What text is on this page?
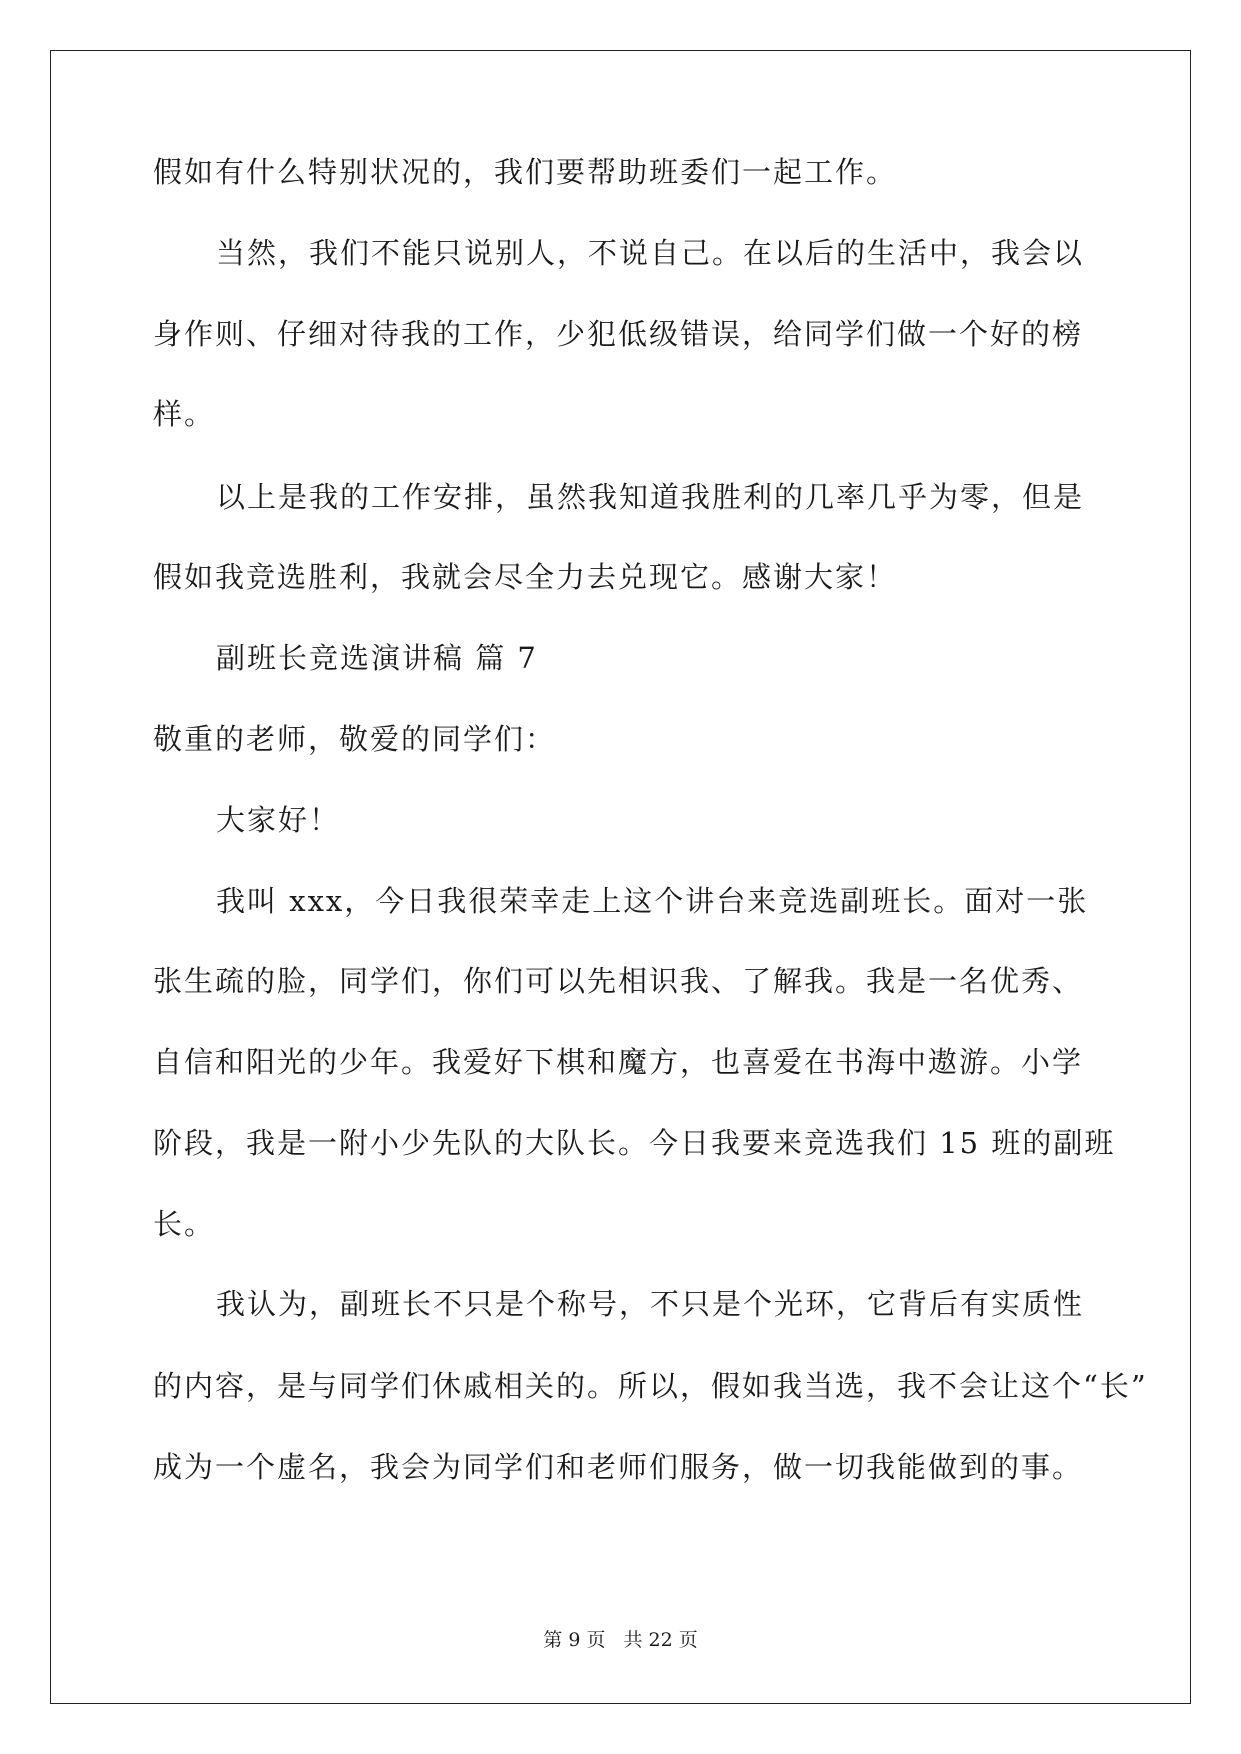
假如有什么特别状况的，我们要帮助班委们一起工作。
当然，我们不能只说别人，不说自己。在以后的生活中，我会以
身作则、仔细对待我的工作，少犯低级错误，给同学们做一个好的榜
样。
以上是我的工作安排，虽然我知道我胜利的几率几乎为零，但是
假如我竞选胜利，我就会尽全力去兑现它。感谢大家！
副班长竞选演讲稿 篇 7
敬重的老师，敬爱的同学们：
大家好！
我叫 xxx，今日我很荣幸走上这个讲台来竞选副班长。面对一张
张生疏的脸，同学们，你们可以先相识我、了解我。我是一名优秀、
自信和阳光的少年。我爱好下棋和魔方，也喜爱在书海中遨游。小学
阶段，我是一附小少先队的大队长。今日我要来竞选我们 15 班的副班
长。
我认为，副班长不只是个称号，不只是个光环，它背后有实质性
的内容，是与同学们休戚相关的。所以，假如我当选，我不会让这个“长”
成为一个虚名，我会为同学们和老师们服务，做一切我能做到的事。
第 9 页 共 22 页
